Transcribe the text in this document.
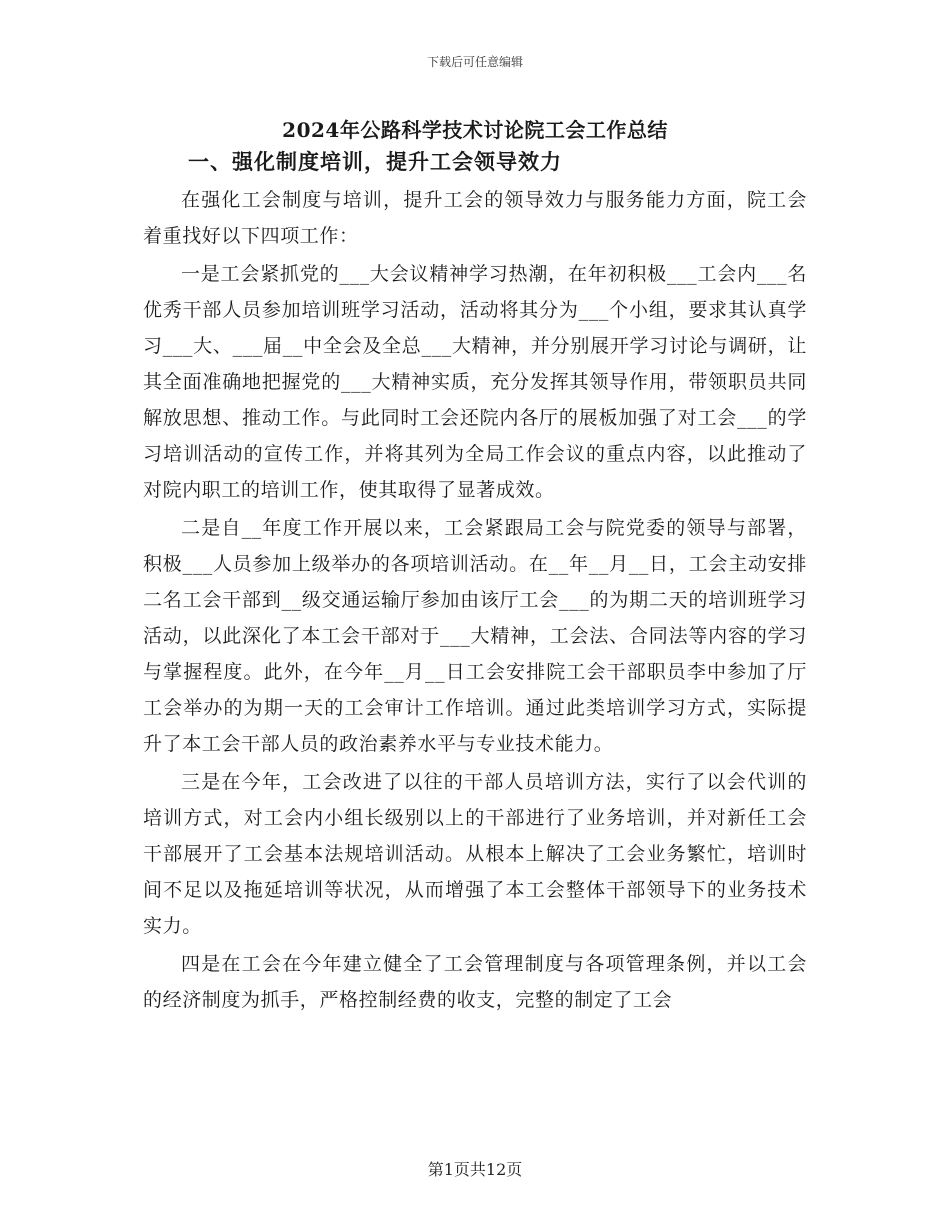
下载后可任意编辑
2024年公路科学技术讨论院工会工作总结
一、强化制度培训，提升工会领导效力

在强化工会制度与培训，提升工会的领导效力与服务能力方面，院工会着重找好以下四项工作：

一是工会紧抓党的___大会议精神学习热潮，在年初积极___工会内___名优秀干部人员参加培训班学习活动，活动将其分为___个小组，要求其认真学习___大、___届__中全会及全总___大精神，并分别展开学习讨论与调研，让其全面准确地把握党的___大精神实质，充分发挥其领导作用，带领职员共同解放思想、推动工作。与此同时工会还院内各厅的展板加强了对工会___的学习培训活动的宣传工作，并将其列为全局工作会议的重点内容，以此推动了对院内职工的培训工作，使其取得了显著成效。

二是自__年度工作开展以来，工会紧跟局工会与院党委的领导与部署，积极___人员参加上级举办的各项培训活动。在__年__月__日，工会主动安排二名工会干部到__级交通运输厅参加由该厅工会___的为期二天的培训班学习活动，以此深化了本工会干部对于___大精神，工会法、合同法等内容的学习与掌握程度。此外，在今年__月__日工会安排院工会干部职员李中参加了厅工会举办的为期一天的工会审计工作培训。通过此类培训学习方式，实际提升了本工会干部人员的政治素养水平与专业技术能力。

三是在今年，工会改进了以往的干部人员培训方法，实行了以会代训的培训方式，对工会内小组长级别以上的干部进行了业务培训，并对新任工会干部展开了工会基本法规培训活动。从根本上解决了工会业务繁忙，培训时间不足以及拖延培训等状况，从而增强了本工会整体干部领导下的业务技术实力。

四是在工会在今年建立健全了工会管理制度与各项管理条例，并以工会的经济制度为抓手，严格控制经费的收支，完整的制定了工会

第1页共12页
